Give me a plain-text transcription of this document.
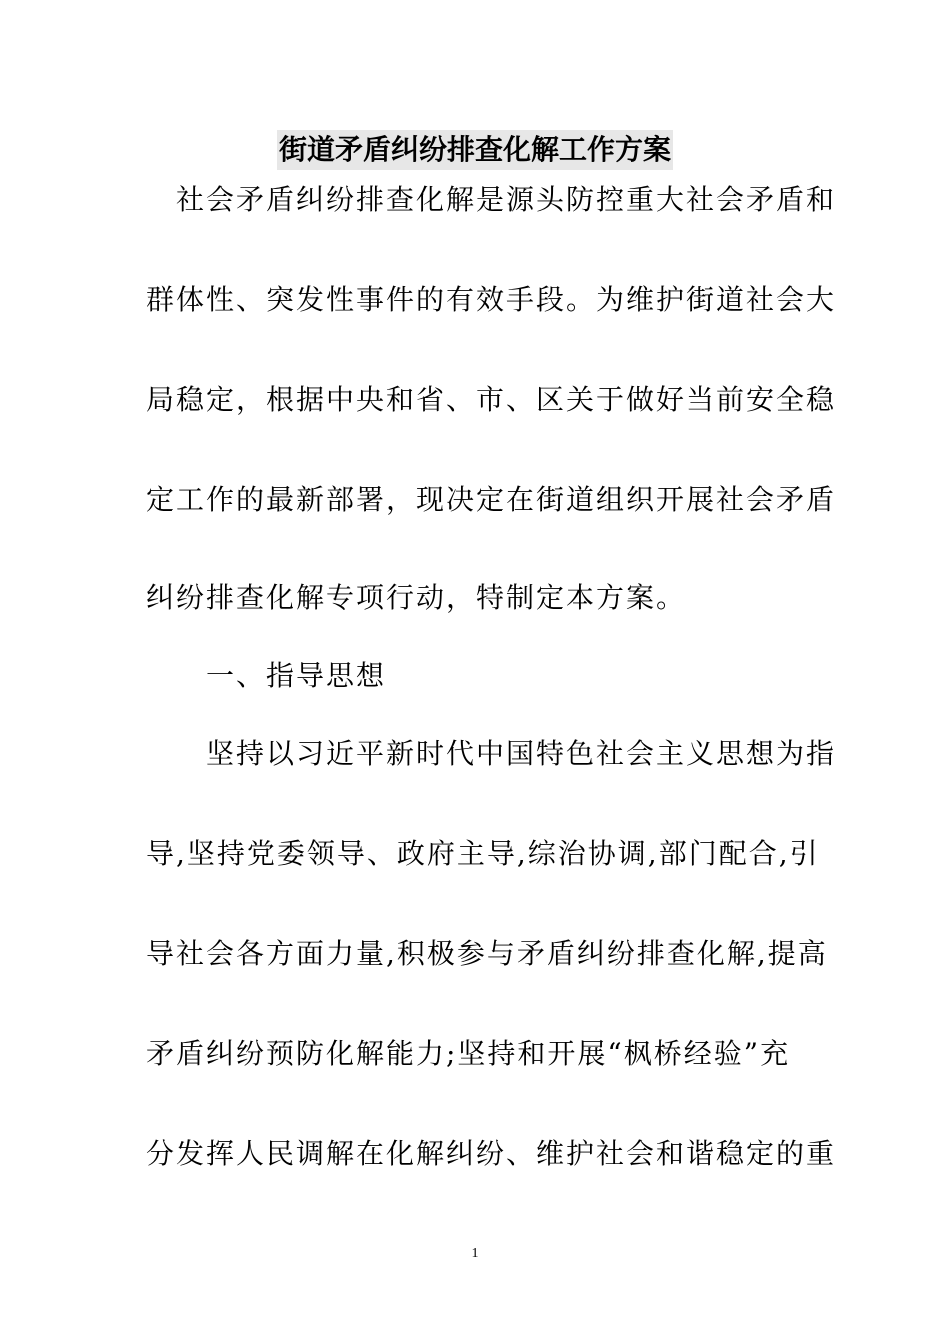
街道矛盾纠纷排查化解工作方案
　社会矛盾纠纷排查化解是源头防控重大社会矛盾和
群体性、突发性事件的有效手段。为维护街道社会大
局稳定，根据中央和省、市、区关于做好当前安全稳
定工作的最新部署，现决定在街道组织开展社会矛盾
纠纷排查化解专项行动，特制定本方案。
　一、指导思想
　坚持以习近平新时代中国特色社会主义思想为指
导,坚持党委领导、政府主导,综治协调,部门配合,引
导社会各方面力量,积极参与矛盾纠纷排查化解,提高
矛盾纠纷预防化解能力;坚持和开展“枫桥经验”充
分发挥人民调解在化解纠纷、维护社会和谐稳定的重
1
